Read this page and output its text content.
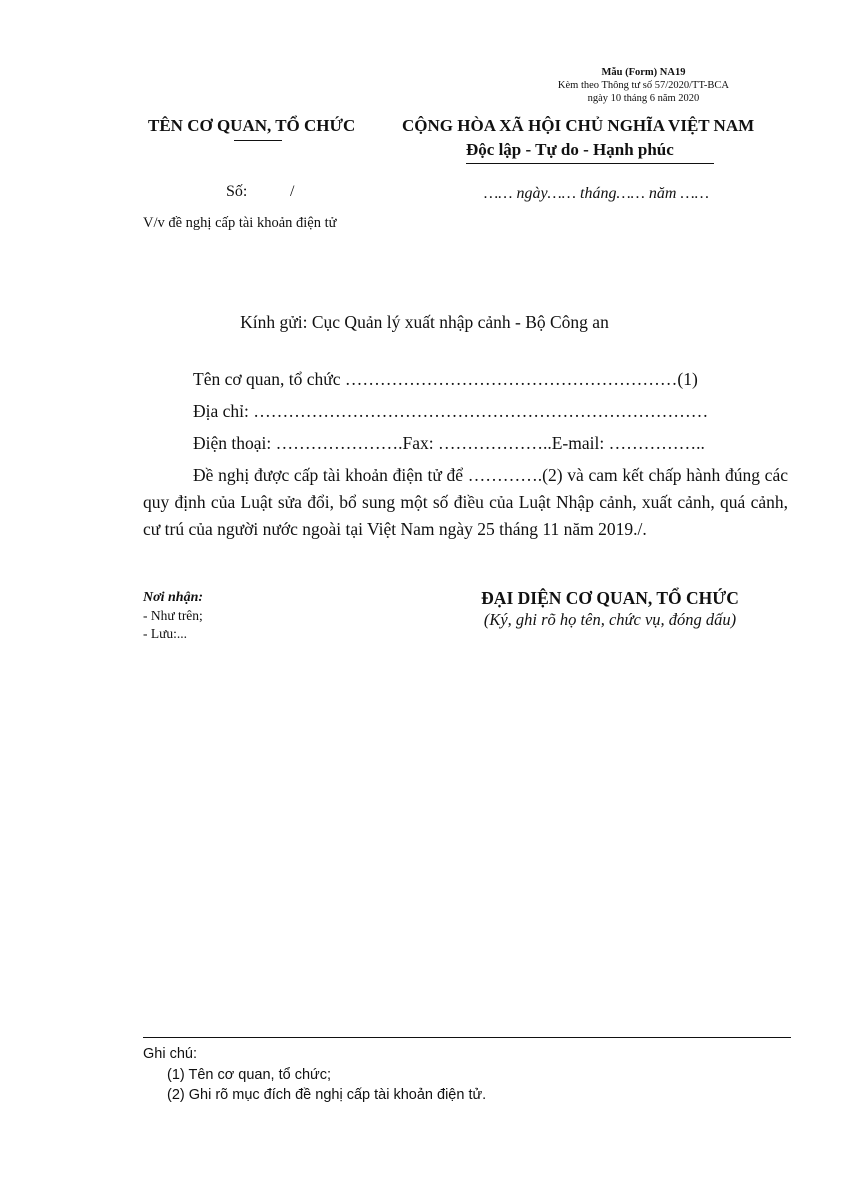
Mẫu (Form) NA19
Kèm theo Thông tư số 57/2020/TT-BCA
ngày 10 tháng 6 năm 2020
TÊN CƠ QUAN, TỔ CHỨC	CỘNG HÒA XÃ HỘI CHỦ NGHĨA VIỆT NAM
Độc lập - Tự do - Hạnh phúc
Số:	/	…… ngày…… tháng…… năm ……
V/v đề nghị cấp tài khoản điện tử
Kính gửi: Cục Quản lý xuất nhập cảnh - Bộ Công an
Tên cơ quan, tổ chức …………………………………………………(1)
Địa chỉ: ……………………………………………………………………
Điện thoại: ………………….Fax: ………………..E-mail: ……………..
Đề nghị được cấp tài khoản điện tử để ………….(2) và cam kết chấp hành đúng các quy định của Luật sửa đổi, bổ sung một số điều của Luật Nhập cảnh, xuất cảnh, quá cảnh, cư trú của người nước ngoài tại Việt Nam ngày 25 tháng 11 năm 2019./.
Nơi nhận:
- Như trên;
- Lưu:...
ĐẠI DIỆN CƠ QUAN, TỔ CHỨC
(Ký, ghi rõ họ tên, chức vụ, đóng dấu)
Ghi chú:
(1) Tên cơ quan, tổ chức;
(2) Ghi rõ mục đích đề nghị cấp tài khoản điện tử.
